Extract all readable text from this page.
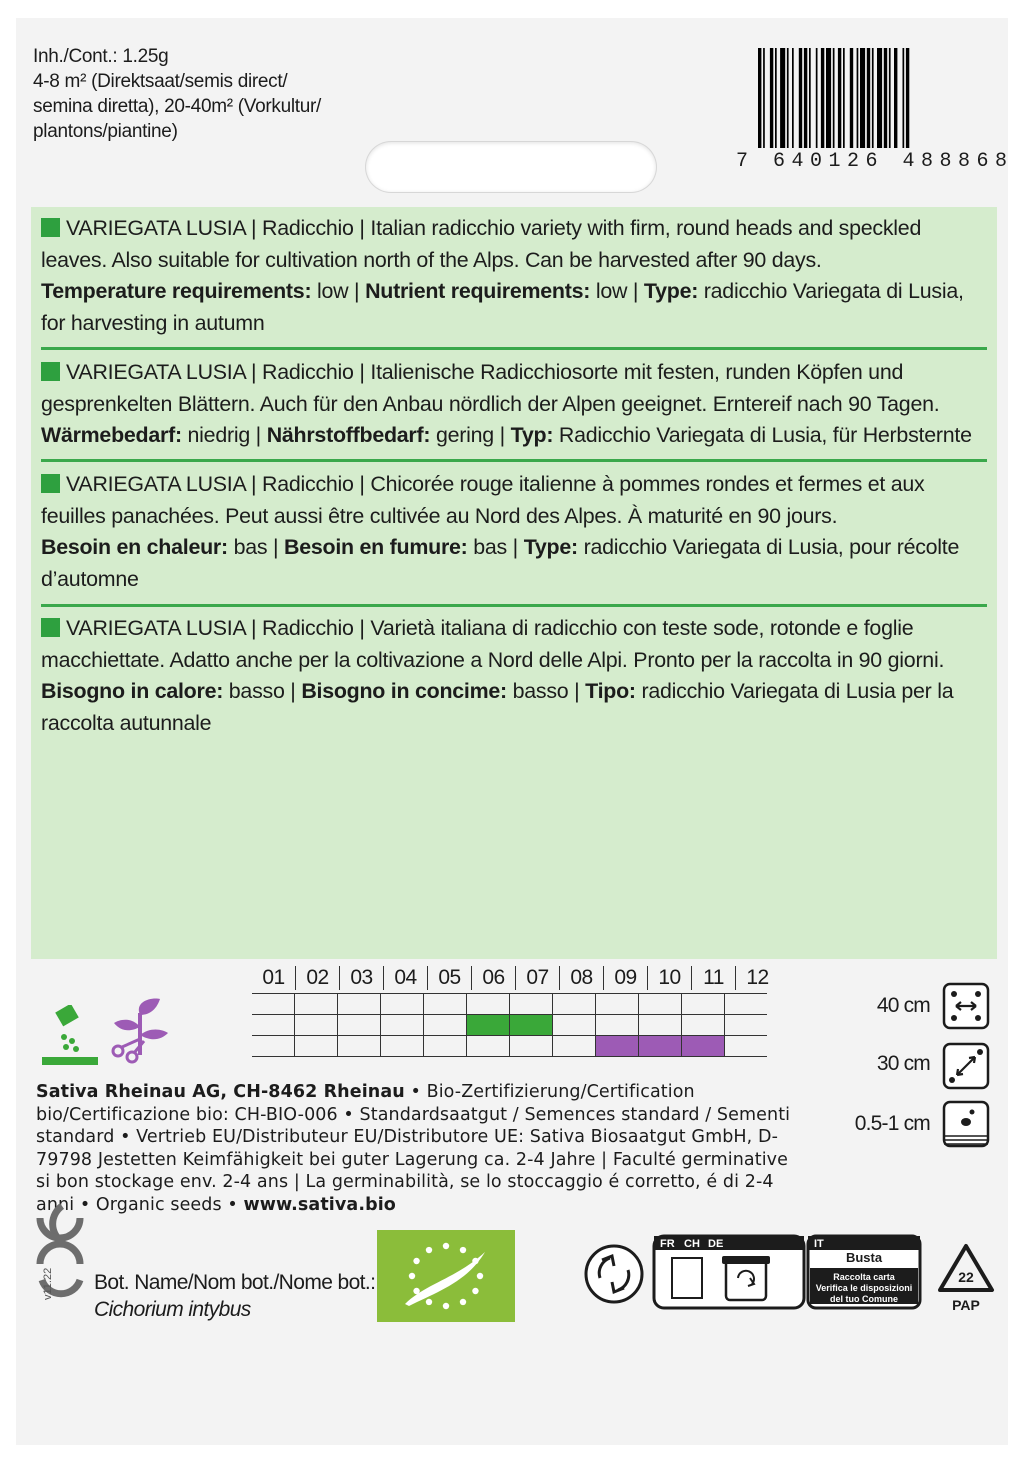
Inh./Cont.: 1.25g
4-8 m² (Direktsaat/semis direct/
semina diretta), 20-40m² (Vorkultur/
plantons/piantine)
7 640126 488868
VARIEGATA LUSIA | Radicchio | Italian radicchio variety with firm, round heads and speckled leaves. Also suitable for cultivation north of the Alps. Can be harvested after 90 days.
Temperature requirements: low | Nutrient requirements: low | Type: radicchio Variegata di Lusia, for harvesting in autumn
VARIEGATA LUSIA | Radicchio | Italienische Radicchiosorte mit festen, runden Köpfen und gesprenkelten Blättern. Auch für den Anbau nördlich der Alpen geeignet. Erntereif nach 90 Tagen.
Wärmebedarf: niedrig | Nährstoffbedarf: gering | Typ: Radicchio Variegata di Lusia, für Herbsternte
VARIEGATA LUSIA | Radicchio | Chicorée rouge italienne à pommes rondes et fermes et aux feuilles panachées. Peut aussi être cultivée au Nord des Alpes. À maturité en 90 jours.
Besoin en chaleur: bas | Besoin en fumure: bas | Type: radicchio Variegata di Lusia, pour récolte d’automne
VARIEGATA LUSIA | Radicchio | Varietà italiana di radicchio con teste sode, rotonde e foglie macchiettate. Adatto anche per la coltivazione a Nord delle Alpi. Pronto per la raccolta in 90 giorni.
Bisogno in calore: basso | Bisogno in concime: basso | Tipo: radicchio Variegata di Lusia per la raccolta autunnale
01	02	03	04	05	06	07	08	09	10	11	12

40 cm
30 cm
0.5-1 cm
Sativa Rheinau AG, CH-8462 Rheinau • Bio-Zertifizierung/Certification bio/Certificazione bio: CH-BIO-006 • Standardsaatgut / Semences standard / Sementi standard • Vertrieb EU/Distributeur EU/Distributore UE: Sativa Biosaatgut GmbH, D-79798 Jestetten Keimfähigkeit bei guter Lagerung ca. 2-4 Jahre | Faculté germinative si bon stockage env. 2-4 ans | La germinabilità, se lo stoccaggio é corretto, é di 2-4 anni • Organic seeds • www.sativa.bio
v11.22 Bot. Name/Nom bot./Nome bot.:
Cichorium intybus
FR CH DE	IT
Busta
Raccolta carta
Verifica le disposizioni
del tuo Comune
22
PAP
